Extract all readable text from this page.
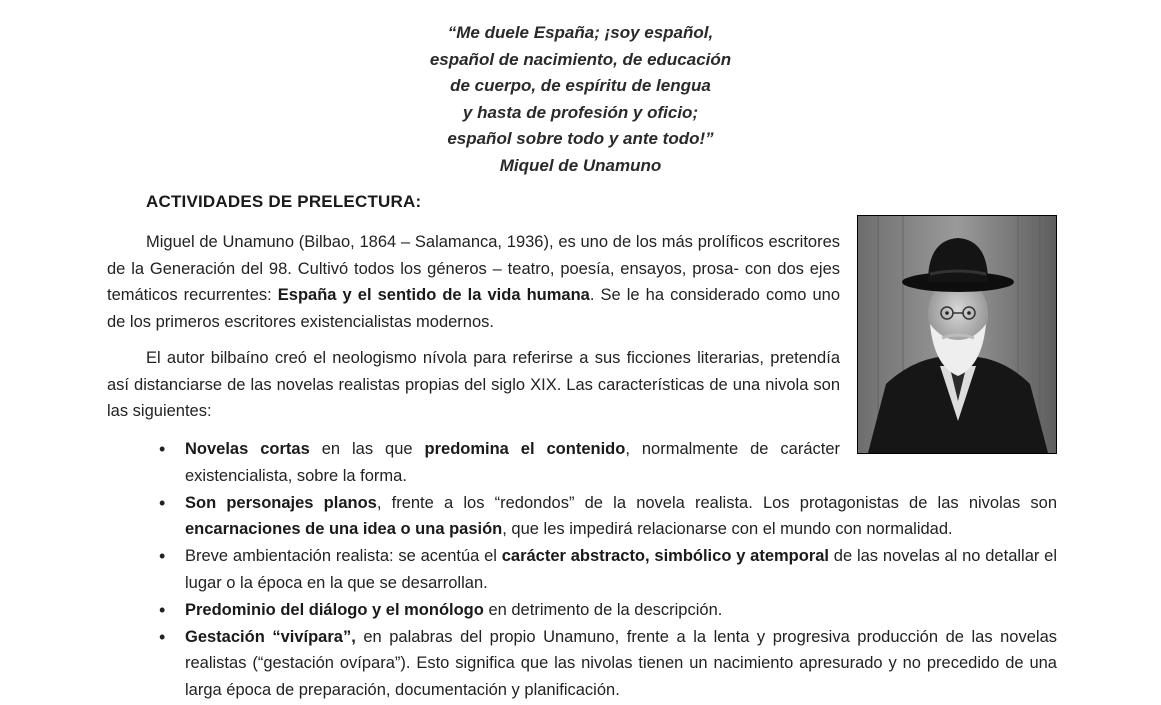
“Me duele España; ¡soy español,
español de nacimiento, de educación
de cuerpo, de espíritu de lengua
y hasta de profesión y oficio;
español sobre todo y ante todo!”
Miquel de Unamuno
ACTIVIDADES DE PRELECTURA:
Miguel de Unamuno (Bilbao, 1864 – Salamanca, 1936), es uno de los más prolíficos escritores de la Generación del 98. Cultivó todos los géneros – teatro, poesía, ensayos, prosa- con dos ejes temáticos recurrentes: España y el sentido de la vida humana. Se le ha considerado como uno de los primeros escritores existencialistas modernos.
El autor bilbaíno creó el neologismo nívola para referirse a sus ficciones literarias, pretendía así distanciarse de las novelas realistas propias del siglo XIX. Las características de una nivola son las siguientes:
• Novelas cortas en las que predomina el contenido, normalmente de carácter existencialista, sobre la forma.
• Son personajes planos, frente a los “redondos” de la novela realista. Los protagonistas de las nivolas son encarnaciones de una idea o una pasión, que les impedirá relacionarse con el mundo con normalidad.
• Breve ambientación realista: se acentúa el carácter abstracto, simbólico y atemporal de las novelas al no detallar el lugar o la época en la que se desarrollan.
• Predominio del diálogo y el monólogo en detrimento de la descripción.
• Gestación “vivípara”, en palabras del propio Unamuno, frente a la lenta y progresiva producción de las novelas realistas (“gestación ovípara”). Esto significa que las nivolas tienen un nacimiento apresurado y no precedido de una larga época de preparación, documentación y planificación.
